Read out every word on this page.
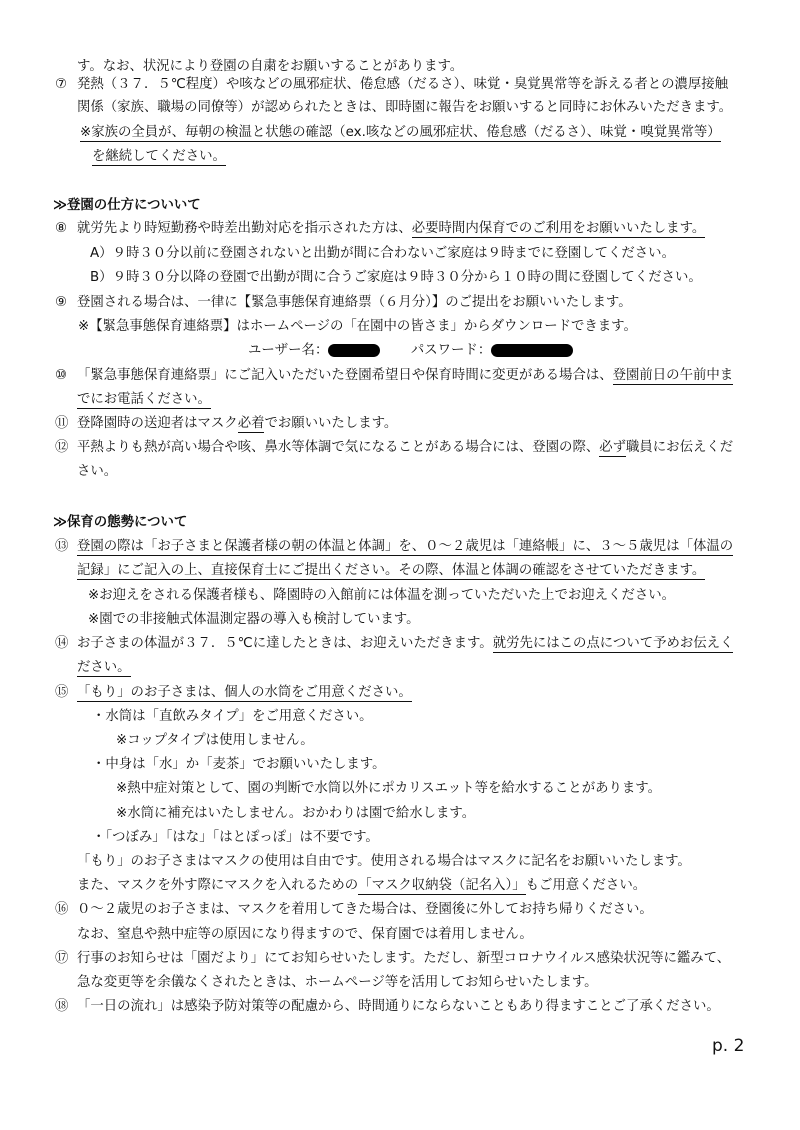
す。なお、状況により登園の自粛をお願いすることがあります。
⑦ 発熱（３７．５℃程度）や咳などの風邪症状、倦怠感（だるさ）、味覚・臭覚異常等を訴える者との濃厚接触
関係（家族、職場の同僚等）が認められたときは、即時園に報告をお願いすると同時にお休みいただきます。
※家族の全員が、毎朝の検温と状態の確認（ex.咳などの風邪症状、倦怠感（だるさ）、味覚・嗅覚異常等）
を継続してください。
≫登園の仕方についいて
⑧ 就労先より時短勤務や時差出勤対応を指示された方は、必要時間内保育でのご利用をお願いいたします。
A）９時３０分以前に登園されないと出勤が間に合わないご家庭は９時までに登園してください。
B）９時３０分以降の登園で出勤が間に合うご家庭は９時３０分から１０時の間に登園してください。
⑨ 登園される場合は、一律に【緊急事態保育連絡票（６月分）】のご提出をお願いいたします。
※【緊急事態保育連絡票】はホームページの「在園中の皆さま」からダウンロードできます。
ユーザー名：	パスワード：
⑩ 「緊急事態保育連絡票」にご記入いただいた登園希望日や保育時間に変更がある場合は、登園前日の午前中ま
でにお電話ください。
⑪ 登降園時の送迎者はマスク必着でお願いいたします。
⑫ 平熱よりも熱が高い場合や咳、鼻水等体調で気になることがある場合には、登園の際、必ず職員にお伝えくだ
さい。
≫保育の態勢について
⑬ 登園の際は「お子さまと保護者様の朝の体温と体調」を、０～２歳児は「連絡帳」に、３～５歳児は「体温の
記録」にご記入の上、直接保育士にご提出ください。その際、体温と体調の確認をさせていただきます。
※お迎えをされる保護者様も、降園時の入館前には体温を測っていただいた上でお迎えください。
※園での非接触式体温測定器の導入も検討しています。
⑭ お子さまの体温が３７．５℃に達したときは、お迎えいただきます。就労先にはこの点について予めお伝えく
ださい。
⑮ 「もり」のお子さまは、個人の水筒をご用意ください。
・水筒は「直飲みタイプ」をご用意ください。
※コップタイプは使用しません。
・中身は「水」か「麦茶」でお願いいたします。
※熱中症対策として、園の判断で水筒以外にポカリスエット等を給水することがあります。
※水筒に補充はいたしません。おかわりは園で給水します。
・「つぼみ」「はな」「はとぽっぽ」は不要です。
「もり」のお子さまはマスクの使用は自由です。使用される場合はマスクに記名をお願いいたします。
また、マスクを外す際にマスクを入れるための「マスク収納袋（記名入）」もご用意ください。
⑯ ０～２歳児のお子さまは、マスクを着用してきた場合は、登園後に外してお持ち帰りください。
なお、窒息や熱中症等の原因になり得ますので、保育園では着用しません。
⑰ 行事のお知らせは「園だより」にてお知らせいたします。ただし、新型コロナウイルス感染状況等に鑑みて、
急な変更等を余儀なくされたときは、ホームページ等を活用してお知らせいたします。
⑱ 「一日の流れ」は感染予防対策等の配慮から、時間通りにならないこともあり得ますことご了承ください。
p. 2
